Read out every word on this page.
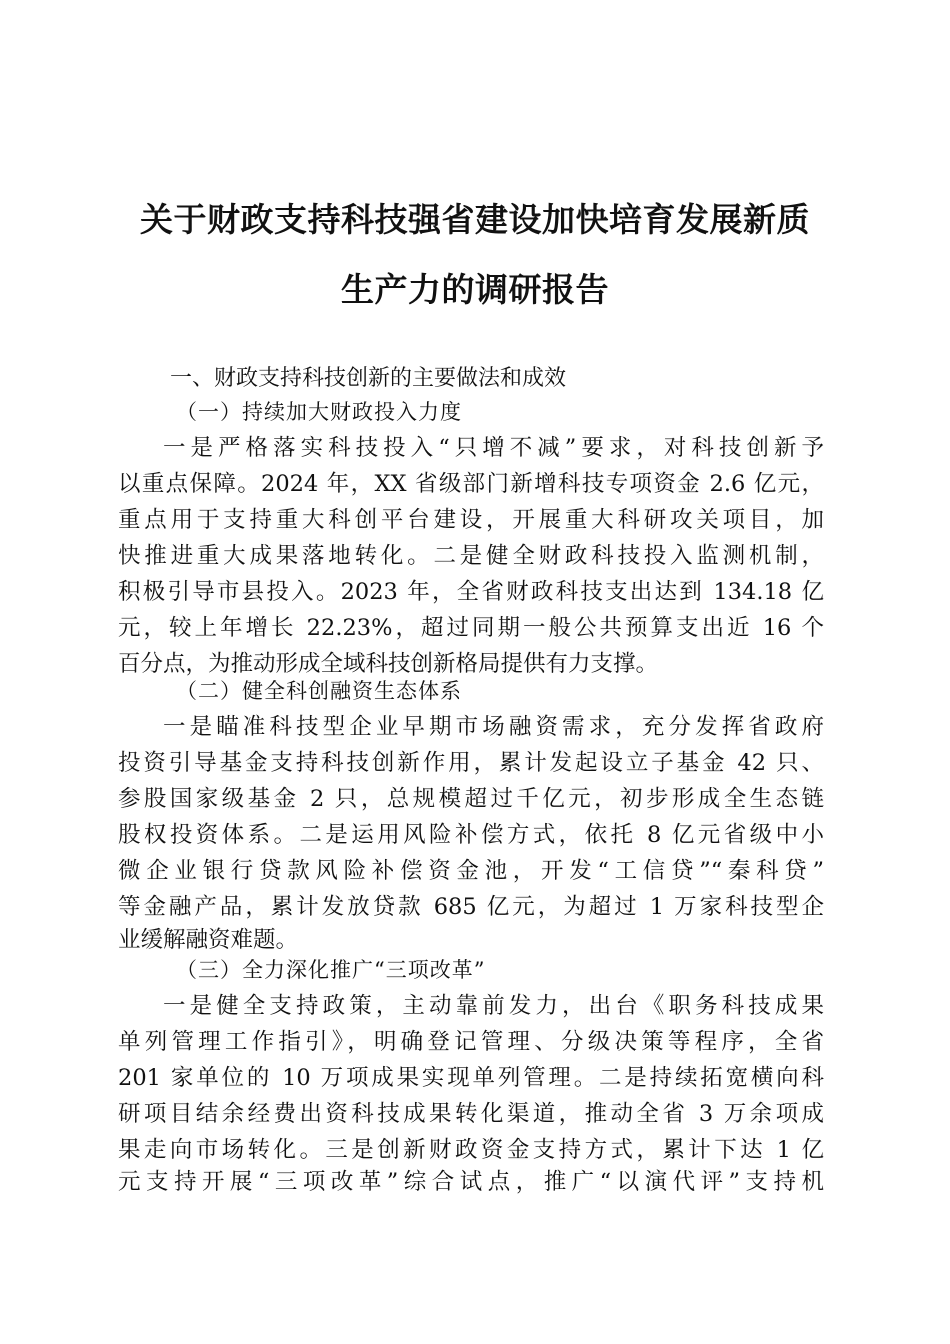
关于财政支持科技强省建设加快培育发展新质
生产力的调研报告
一、财政支持科技创新的主要做法和成效
（一）持续加大财政投入力度
一是严格落实科技投入“只增不减”要求，对科技创新予
以重点保障。2024 年，XX 省级部门新增科技专项资金 2.6 亿元，
重点用于支持重大科创平台建设，开展重大科研攻关项目，加
快推进重大成果落地转化。二是健全财政科技投入监测机制，
积极引导市县投入。2023 年，全省财政科技支出达到 134.18 亿
元，较上年增长 22.23%，超过同期一般公共预算支出近 16 个
百分点，为推动形成全域科技创新格局提供有力支撑。
（二）健全科创融资生态体系
一是瞄准科技型企业早期市场融资需求，充分发挥省政府
投资引导基金支持科技创新作用，累计发起设立子基金 42 只、
参股国家级基金 2 只，总规模超过千亿元，初步形成全生态链
股权投资体系。二是运用风险补偿方式，依托 8 亿元省级中小
微企业银行贷款风险补偿资金池，开发“工信贷”“秦科贷”
等金融产品，累计发放贷款 685 亿元，为超过 1 万家科技型企
业缓解融资难题。
（三）全力深化推广“三项改革”
一是健全支持政策，主动靠前发力，出台《职务科技成果
单列管理工作指引》，明确登记管理、分级决策等程序，全省
201 家单位的 10 万项成果实现单列管理。二是持续拓宽横向科
研项目结余经费出资科技成果转化渠道，推动全省 3 万余项成
果走向市场转化。三是创新财政资金支持方式，累计下达 1 亿
元支持开展“三项改革”综合试点，推广“以演代评”支持机
